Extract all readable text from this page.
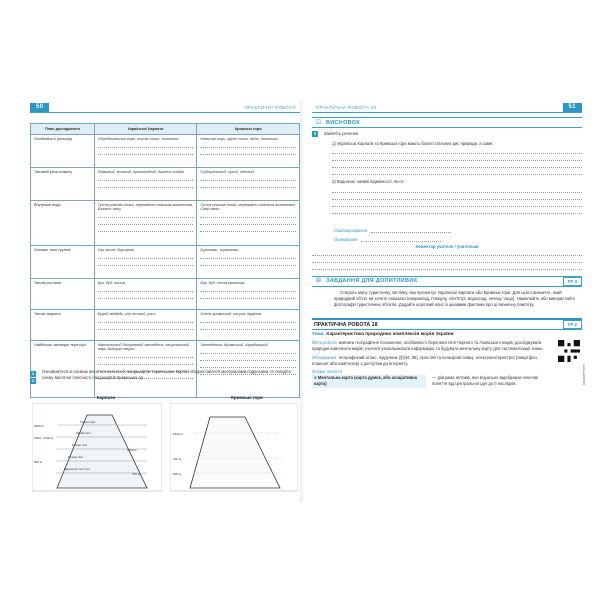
50	ПРАКТИЧНІ РОБОТИ
План дослідження	Українські Карпати	Кримські гори
Особливості рельєфу	Середньовисокі гори, пологі схили, полонини.	Невисокі гори, круті схили, яйли, полонини.

Типовий риси клімату	Помірний, вологий, прохолодний, багато опадів.	Субтропічний, сухий, теплий.

Внутрішні води	Густа річкова сітка, переважно сніговим живленням. Багато озер.	Густа річкова сітка, переважно сніговим живленням. Озер мало.

Основні типи ґрунтів	Сірі лісові, буроземи.	Буроземи, чорноземи.

Типові рослини	Бук, дуб, ялиця.	Бук, дуб, сосна кримська.

Типові тварини	Бурий ведмідь, кіт лісовий, рись.	Олень кримський, косуля, муфлон.

Найбільші заповідні території	Карпатський біосферний заповідник, національний парк «Шацькі озера».	Заповідники: Кримський, Карадазький.
3 4
Ознайомтеся зі схемою висотної поясності ландшафтів Українських Карпат. Скористайтеся матеріалами підручника та складіть схему висотної поясності ландшафтів Кримських гір.
Карпати	Кримські гори
2000 м
1500—1200 м
500 м
1500 м
700 м
Гірські луки
Хвойні ліси
Мішані ліси
Мішані ліси
Широколистяні ліси
1500 м
700 м
500 м
ПРАКТИЧНА РОБОТА 18	51
☑ ВИСНОВОК
5	Закінчіть речення.
1) Українські Карпати та Кримські гори мають багато спільних рис природи, а саме:
2) Водночас наявні відмінності, як-от:
Самооцінювання
Оцінювання
Коментар учителя / учительки
⊞ ЗАВДАННЯ ДЛЯ ДОПИТЛИВИХ	ГР 3
Створіть мапу туристичну листівку, яка презентує Українські Карпати або Кримські гори. Для цього визначте, який природний об'єкт ви хочете показати (наприклад, Говерлу, Ай-Петрі, водоспад, печеру тощо). Намалюйте або використайте фотографії туристичних об'єктів. Додайте короткий опис із цікавими фактами про ці визначну пам'ятку.
ПРАКТИЧНА РОБОТА 18	ГР 2
Тема. Характеристика природних комплексів морів України
Мета роботи: вивчати географічне положення, особливості берегової лінії Чорного та Азовського морів; досліджувати природні комплекси морів; учитися узагальнювати інформацію та будувати ментальну карту для систематизації знань.
Обладнання: географічний атлас, підручник (§§34, 35), простий та кольорові олівці, електронні пристрої (смартфон, планшет або комп'ютер) з доступом до інтернету.
Опорні поняття
■ Ментальна карта (карта думок, або асоціативна карта)
— діаграма зв'язків, яка візуально відображає ключові поняття від центральної ідеї до її наслідків.	osvita.ua/0113983
